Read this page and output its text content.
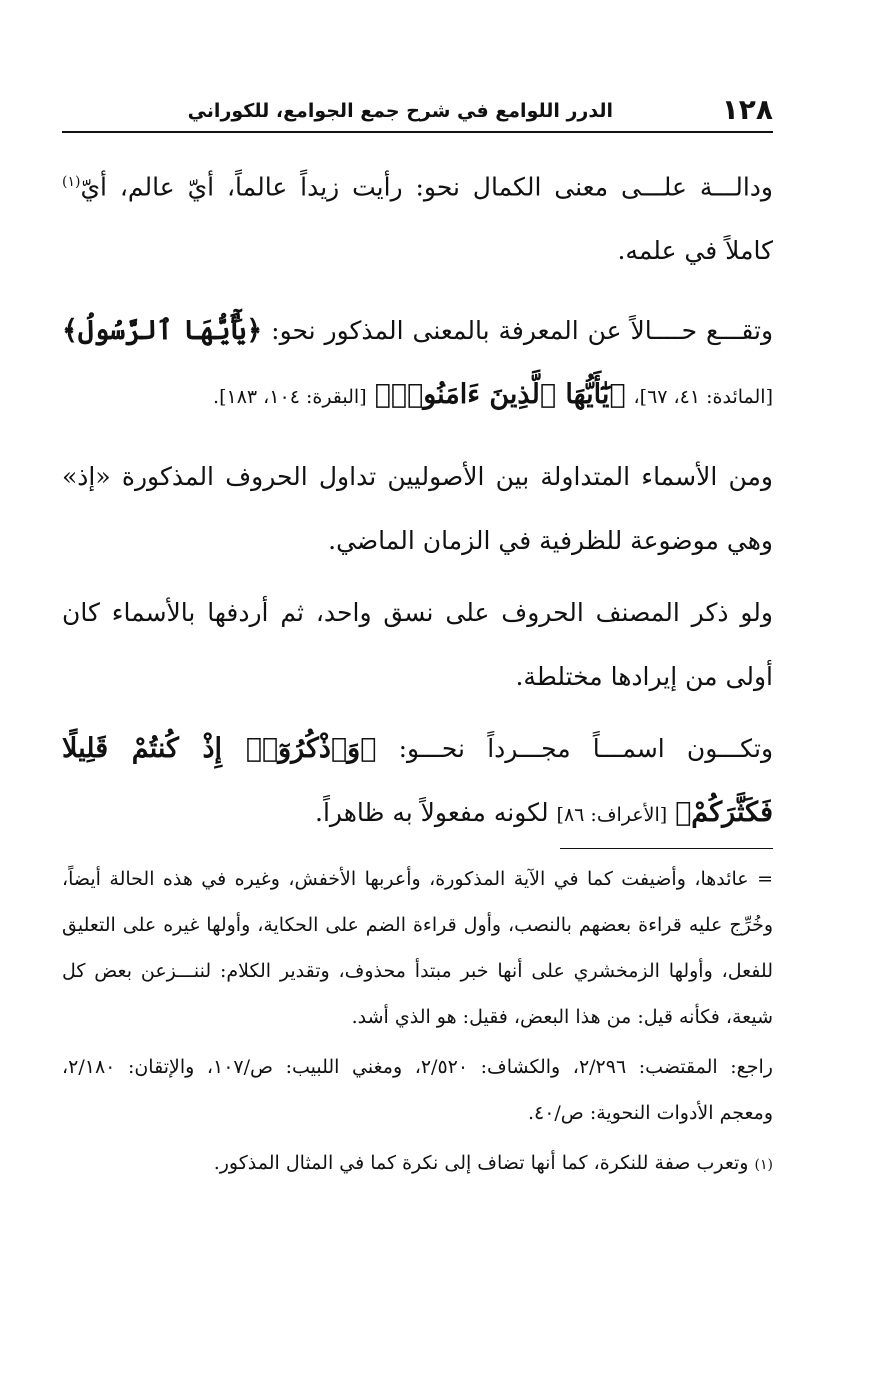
١٢٨
الدرر اللوامع في شرح جمع الجوامع، للكوراني

ودالـــة علـــى معنى الكمال نحو: رأيت زيداً عالماً، أيّ عالم، أيّ$^{(١)}$ كاملاً في علمه.

وتقـــع حــــالاً عن المعرفة بالمعنى المذكور نحو: ﴿يَٰٓأَيُّهَا ٱلرَّسُولُ﴾ [المائدة: ٤١، ٦٧]، ﴿يَٰٓأَيُّهَا ٱلَّذِينَ ءَامَنُوا۟﴾ [البقرة: ١٠٤، ١٨٣].

ومن الأسماء المتداولة بين الأصوليين تداول الحروف المذكورة «إذ» وهي موضوعة للظرفية في الزمان الماضي.

ولو ذكر المصنف الحروف على نسق واحد، ثم أردفها بالأسماء كان أولى من إيرادها مختلطة.

وتكـــون اسمـــاً مجـــرداً نحـــو: ﴿وَٱذْكُرُوٓا۟ إِذْ كُنتُمْ قَلِيلًا فَكَثَّرَكُمْ﴾ [الأعراف: ٨٦] لكونه مفعولاً به ظاهراً.

= عائدها، وأضيفت كما في الآية المذكورة، وأعربها الأخفش، وغيره في هذه الحالة أيضاً، وخُرِّج عليه قراءة بعضهم بالنصب، وأول قراءة الضم على الحكاية، وأولها غيره على التعليق للفعل، وأولها الزمخشري على أنها خبر مبتدأ محذوف، وتقدير الكلام: لننـــزعن بعض كل شيعة، فكأنه قيل: من هذا البعض، فقيل: هو الذي أشد.

راجع: المقتضب: ٢/٢٩٦، والكشاف: ٢/٥٢٠، ومغني اللبيب: ص/١٠٧، والإتقان: ٢/١٨٠، ومعجم الأدوات النحوية: ص/٤٠.

(١) وتعرب صفة للنكرة، كما أنها تضاف إلى نكرة كما في المثال المذكور.
